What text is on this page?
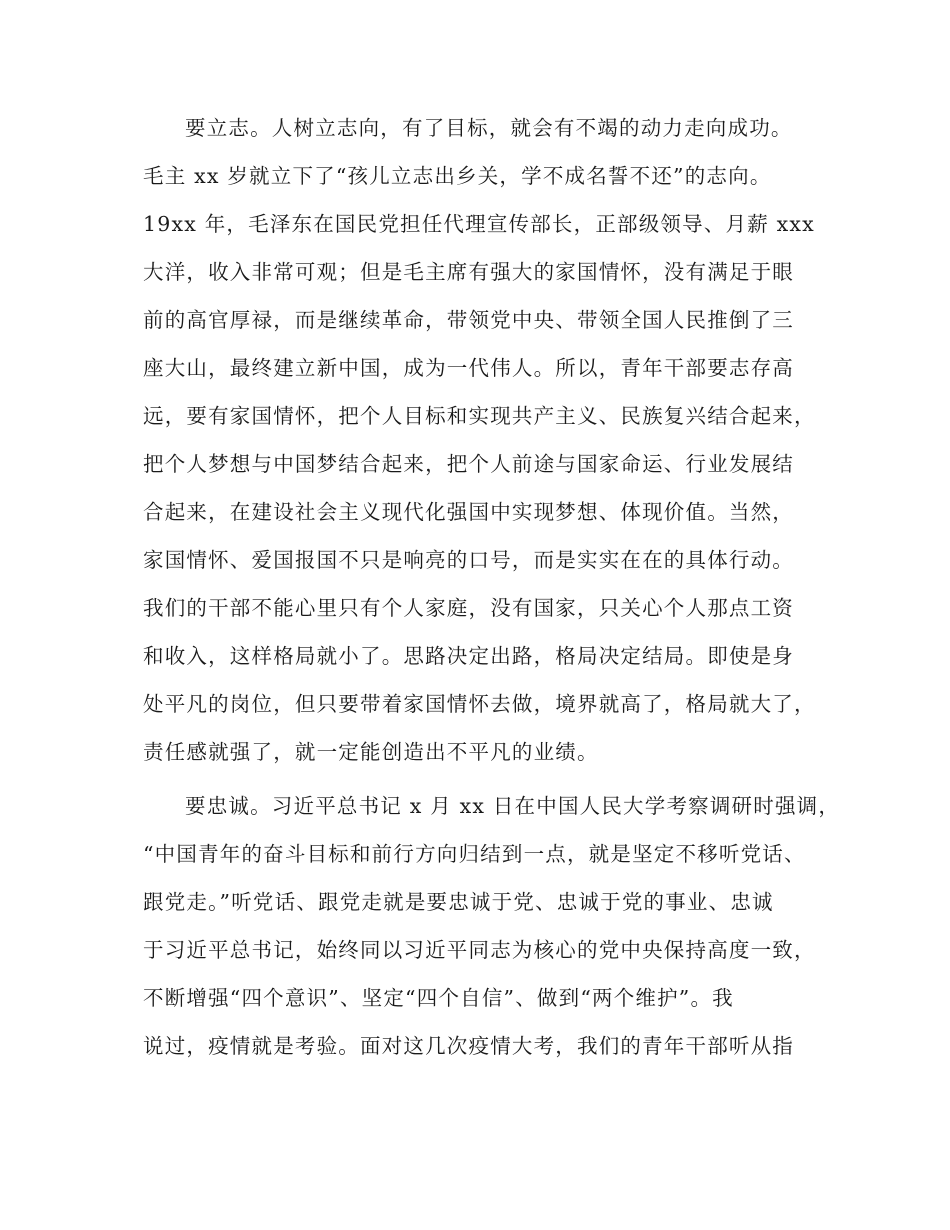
要立志。人树立志向，有了目标，就会有不竭的动力走向成功。
毛主 xx 岁就立下了“孩儿立志出乡关，学不成名誓不还”的志向。
19xx 年，毛泽东在国民党担任代理宣传部长，正部级领导、月薪 xxx
大洋，收入非常可观；但是毛主席有强大的家国情怀，没有满足于眼
前的高官厚禄，而是继续革命，带领党中央、带领全国人民推倒了三
座大山，最终建立新中国，成为一代伟人。所以，青年干部要志存高
远，要有家国情怀，把个人目标和实现共产主义、民族复兴结合起来，
把个人梦想与中国梦结合起来，把个人前途与国家命运、行业发展结
合起来，在建设社会主义现代化强国中实现梦想、体现价值。当然，
家国情怀、爱国报国不只是响亮的口号，而是实实在在的具体行动。
我们的干部不能心里只有个人家庭，没有国家，只关心个人那点工资
和收入，这样格局就小了。思路决定出路，格局决定结局。即使是身
处平凡的岗位，但只要带着家国情怀去做，境界就高了，格局就大了，
责任感就强了，就一定能创造出不平凡的业绩。
要忠诚。习近平总书记 x 月 xx 日在中国人民大学考察调研时强调，
“中国青年的奋斗目标和前行方向归结到一点，就是坚定不移听党话、
跟党走。”听党话、跟党走就是要忠诚于党、忠诚于党的事业、忠诚
于习近平总书记，始终同以习近平同志为核心的党中央保持高度一致，
不断增强“四个意识”、坚定“四个自信”、做到“两个维护”。我
说过，疫情就是考验。面对这几次疫情大考，我们的青年干部听从指
